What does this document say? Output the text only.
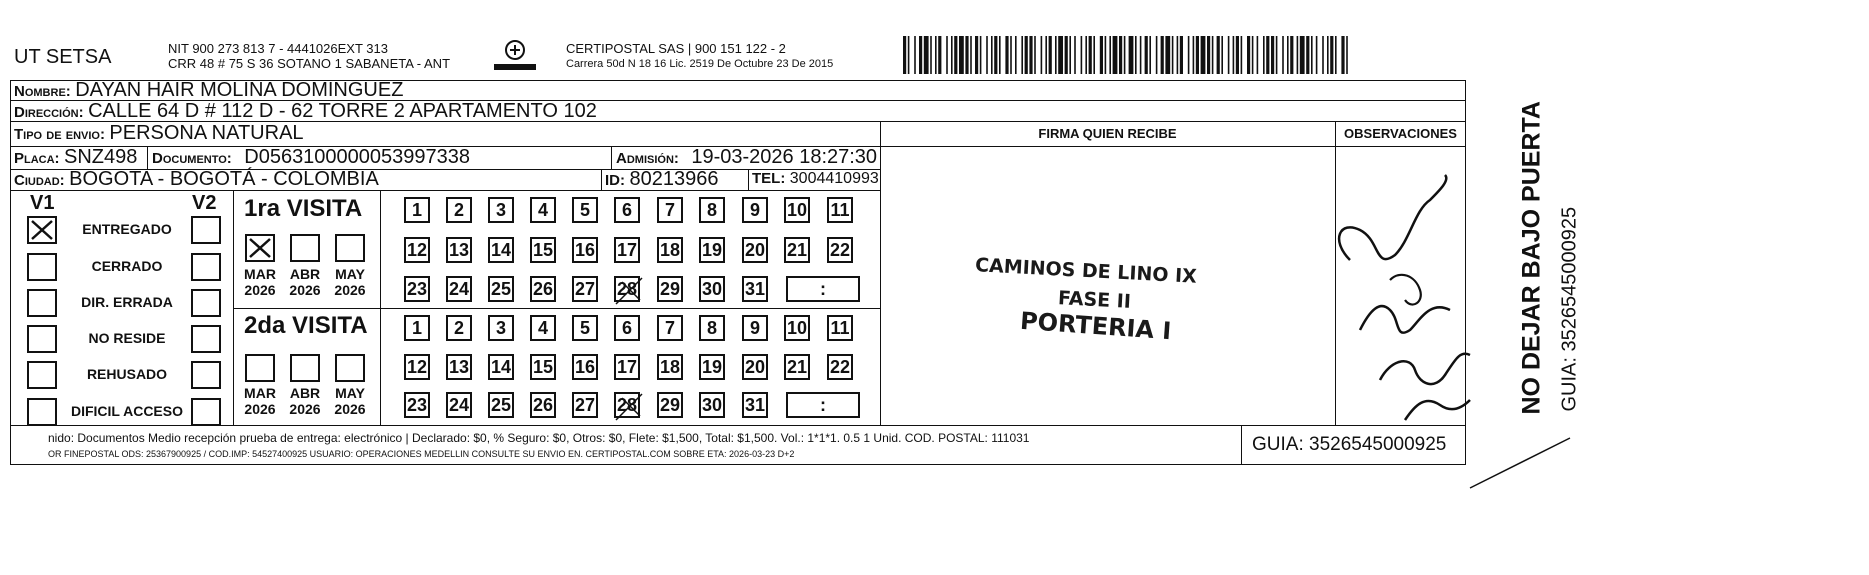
UT SETSA	NIT 900 273 813 7 - 4441026EXT 313
CRR 48 # 75 S 36 SOTANO 1 SABANETA - ANT
CERTIPOSTAL SAS | 900 151 122 - 2
Carrera 50d N 18 16 Lic. 2519 De Octubre 23 De 2015
Nombre: DAYAN HAIR MOLINA DOMINGUEZ
Dirección: CALLE 64 D # 112 D - 62 TORRE 2 APARTAMENTO 102
Tipo de envio: PERSONA NATURAL
Placa: SNZ498 Documento: D0563100000053997338	Admisión: 19-03-2026 18:27:30
Ciudad: BOGOTA - BOGOTÁ - COLOMBIA	ID: 80213966 TEL: 3004410993
FIRMA QUIEN RECIBE	OBSERVACIONES
CAMINOS DE LINO IX
FASE II
PORTERIA I
V1	V2
ENTREGADO
CERRADO
DIR. ERRADA
NO RESIDE
REHUSADO
DIFICIL ACCESO
1ra VISITA
2da VISITA
MAR
2026
ABR
2026
MAY
2026
MAR
2026
ABR
2026
MAY
2026
1	2	3	4	5	6	7	8	9	10 11
12 13 14 15 16 17 18 19 20 21 22
23 24 25 26 27 28 29 30 31	:
1	2	3	4	5	6	7	8	9	10 11
12 13 14 15 16 17 18 19 20 21 22
23 24 25 26 27 28 29 30 31	:
nido: Documentos Medio recepción prueba de entrega: electrónico | Declarado: $0, % Seguro: $0, Otros: $0, Flete: $1,500, Total: $1,500. Vol.: 1*1*1. 0.5 1 Unid. COD. POSTAL: 111031
OR FINEPOSTAL ODS: 25367900925 / COD.IMP: 54527400925 USUARIO: OPERACIONES MEDELLIN CONSULTE SU ENVIO EN. CERTIPOSTAL.COM SOBRE ETA: 2026-03-23 D+2	GUIA: 3526545000925
NO DEJAR BAJO PUERTA GUIA: 3526545000925
